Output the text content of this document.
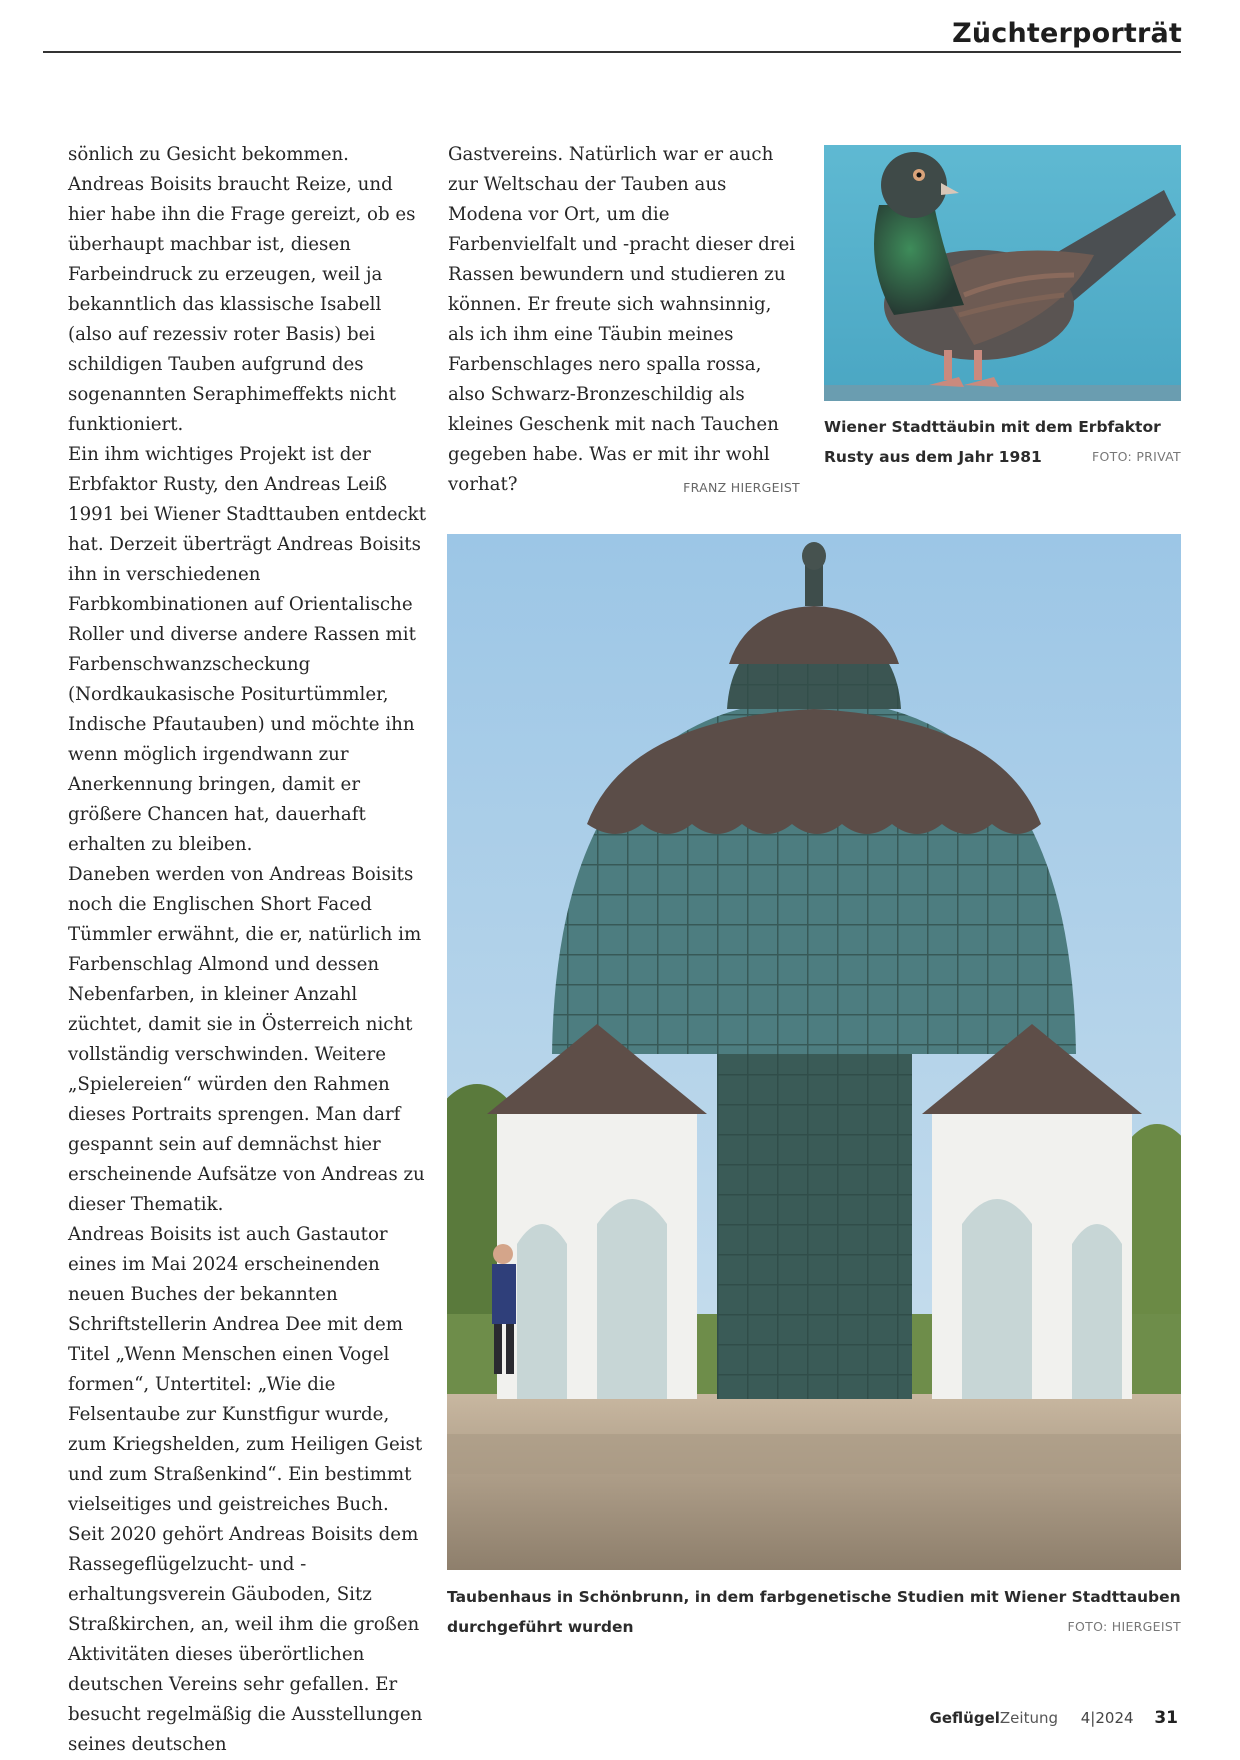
Züchterporträt

sönlich zu Gesicht bekommen. Andreas Boisits braucht Reize, und hier habe ihn die Frage gereizt, ob es überhaupt machbar ist, diesen Farbeindruck zu erzeugen, weil ja bekanntlich das klassische Isabell (also auf rezessiv roter Basis) bei schildigen Tauben aufgrund des sogenannten Seraphimeffekts nicht funktioniert.

Ein ihm wichtiges Projekt ist der Erbfaktor Rusty, den Andreas Leiß 1991 bei Wiener Stadttauben entdeckt hat. Derzeit überträgt Andreas Boisits ihn in verschiedenen Farbkombinationen auf Orientalische Roller und diverse andere Rassen mit Farbenschwanzscheckung (Nordkaukasische Positurtümmler, Indische Pfautauben) und möchte ihn wenn möglich irgendwann zur Anerkennung bringen, damit er größere Chancen hat, dauerhaft erhalten zu bleiben.

Daneben werden von Andreas Boisits noch die Englischen Short Faced Tümmler erwähnt, die er, natürlich im Farbenschlag Almond und dessen Nebenfarben, in kleiner Anzahl züchtet, damit sie in Österreich nicht vollständig verschwinden. Weitere „Spielereien“ würden den Rahmen dieses Portraits sprengen. Man darf gespannt sein auf demnächst hier erscheinende Aufsätze von Andreas zu dieser Thematik.

Andreas Boisits ist auch Gastautor eines im Mai 2024 erscheinenden neuen Buches der bekannten Schriftstellerin Andrea Dee mit dem Titel „Wenn Menschen einen Vogel formen“, Untertitel: „Wie die Felsentaube zur Kunstfigur wurde, zum Kriegshelden, zum Heiligen Geist und zum Straßenkind“. Ein bestimmt vielseitiges und geistreiches Buch.

Seit 2020 gehört Andreas Boisits dem Rassegeflügelzucht- und -erhaltungsverein Gäuboden, Sitz Straßkirchen, an, weil ihm die großen Aktivitäten dieses überörtlichen deutschen Vereins sehr gefallen. Er besucht regelmäßig die Ausstellungen seines deutschen

Gastvereins. Natürlich war er auch zur Weltschau der Tauben aus Modena vor Ort, um die Farbenvielfalt und -pracht dieser drei Rassen bewundern und studieren zu können. Er freute sich wahnsinnig, als ich ihm eine Täubin meines Farbenschlages nero spalla rossa, also Schwarz-Bronzeschildig als kleines Geschenk mit nach Tauchen gegeben habe. Was er mit ihr wohl vorhat?	FRANZ HIERGEIST

Wiener Stadttäubin mit dem Erbfaktor Rusty aus dem Jahr 1981	FOTO: PRIVAT
Taubenhaus in Schönbrunn, in dem farbgenetische Studien mit Wiener Stadttauben durchgeführt wurden	FOTO: HIERGEIST
GeflügelZeitung 4|2024 31
